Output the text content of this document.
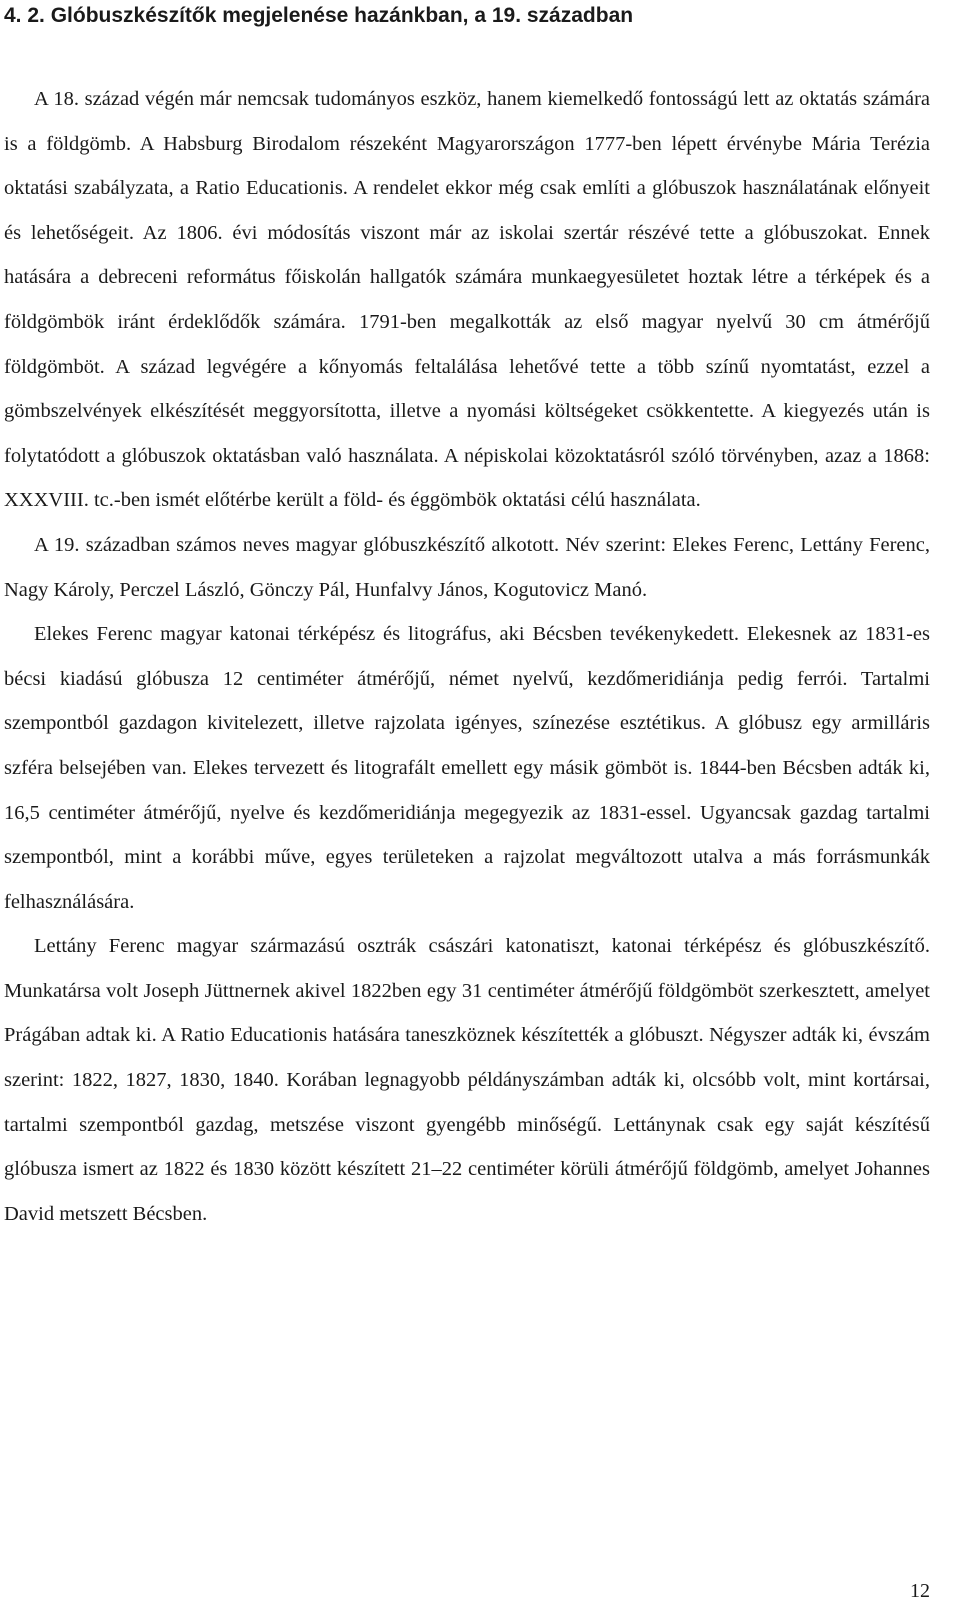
4. 2. Glóbuszkészítők megjelenése hazánkban, a 19. században

A 18. század végén már nemcsak tudományos eszköz, hanem kiemelkedő fontosságú lett az oktatás számára is a földgömb. A Habsburg Birodalom részeként Magyarországon 1777-ben lépett érvénybe Mária Terézia oktatási szabályzata, a Ratio Educationis. A rendelet ekkor még csak említi a glóbuszok használatának előnyeit és lehetőségeit. Az 1806. évi módosítás viszont már az iskolai szertár részévé tette a glóbuszokat. Ennek hatására a debreceni református főiskolán hallgatók számára munkaegyesületet hoztak létre a térképek és a földgömbök iránt érdeklődők számára. 1791-ben megalkották az első magyar nyelvű 30 cm átmérőjű földgömböt. A század legvégére a kőnyomás feltalálása lehetővé tette a több színű nyomtatást, ezzel a gömbszelvények elkészítését meggyorsította, illetve a nyomási költségeket csökkentette. A kiegyezés után is folytatódott a glóbuszok oktatásban való használata. A népiskolai közoktatásról szóló törvényben, azaz a 1868: XXXVIII. tc.-ben ismét előtérbe került a föld- és éggömbök oktatási célú használata.

A 19. században számos neves magyar glóbuszkészítő alkotott. Név szerint: Elekes Ferenc, Lettány Ferenc, Nagy Károly, Perczel László, Gönczy Pál, Hunfalvy János, Kogutovicz Manó.

Elekes Ferenc magyar katonai térképész és litográfus, aki Bécsben tevékenykedett. Elekesnek az 1831-es bécsi kiadású glóbusza 12 centiméter átmérőjű, német nyelvű, kezdőmeridiánja pedig ferrói. Tartalmi szempontból gazdagon kivitelezett, illetve rajzolata igényes, színezése esztétikus. A glóbusz egy armilláris szféra belsejében van. Elekes tervezett és litografált emellett egy másik gömböt is. 1844-ben Bécsben adták ki, 16,5 centiméter átmérőjű, nyelve és kezdőmeridiánja megegyezik az 1831-essel. Ugyancsak gazdag tartalmi szempontból, mint a korábbi műve, egyes területeken a rajzolat megváltozott utalva a más forrásmunkák felhasználására.

Lettány Ferenc magyar származású osztrák császári katonatiszt, katonai térképész és glóbuszkészítő. Munkatársa volt Joseph Jüttnernek akivel 1822ben egy 31 centiméter átmérőjű földgömböt szerkesztett, amelyet Prágában adtak ki. A Ratio Educationis hatására taneszköznek készítették a glóbuszt. Négyszer adták ki, évszám szerint: 1822, 1827, 1830, 1840. Korában legnagyobb példányszámban adták ki, olcsóbb volt, mint kortársai, tartalmi szempontból gazdag, metszése viszont gyengébb minőségű. Lettánynak csak egy saját készítésű glóbusza ismert az 1822 és 1830 között készített 21–22 centiméter körüli átmérőjű földgömb, amelyet Johannes David metszett Bécsben.

12
